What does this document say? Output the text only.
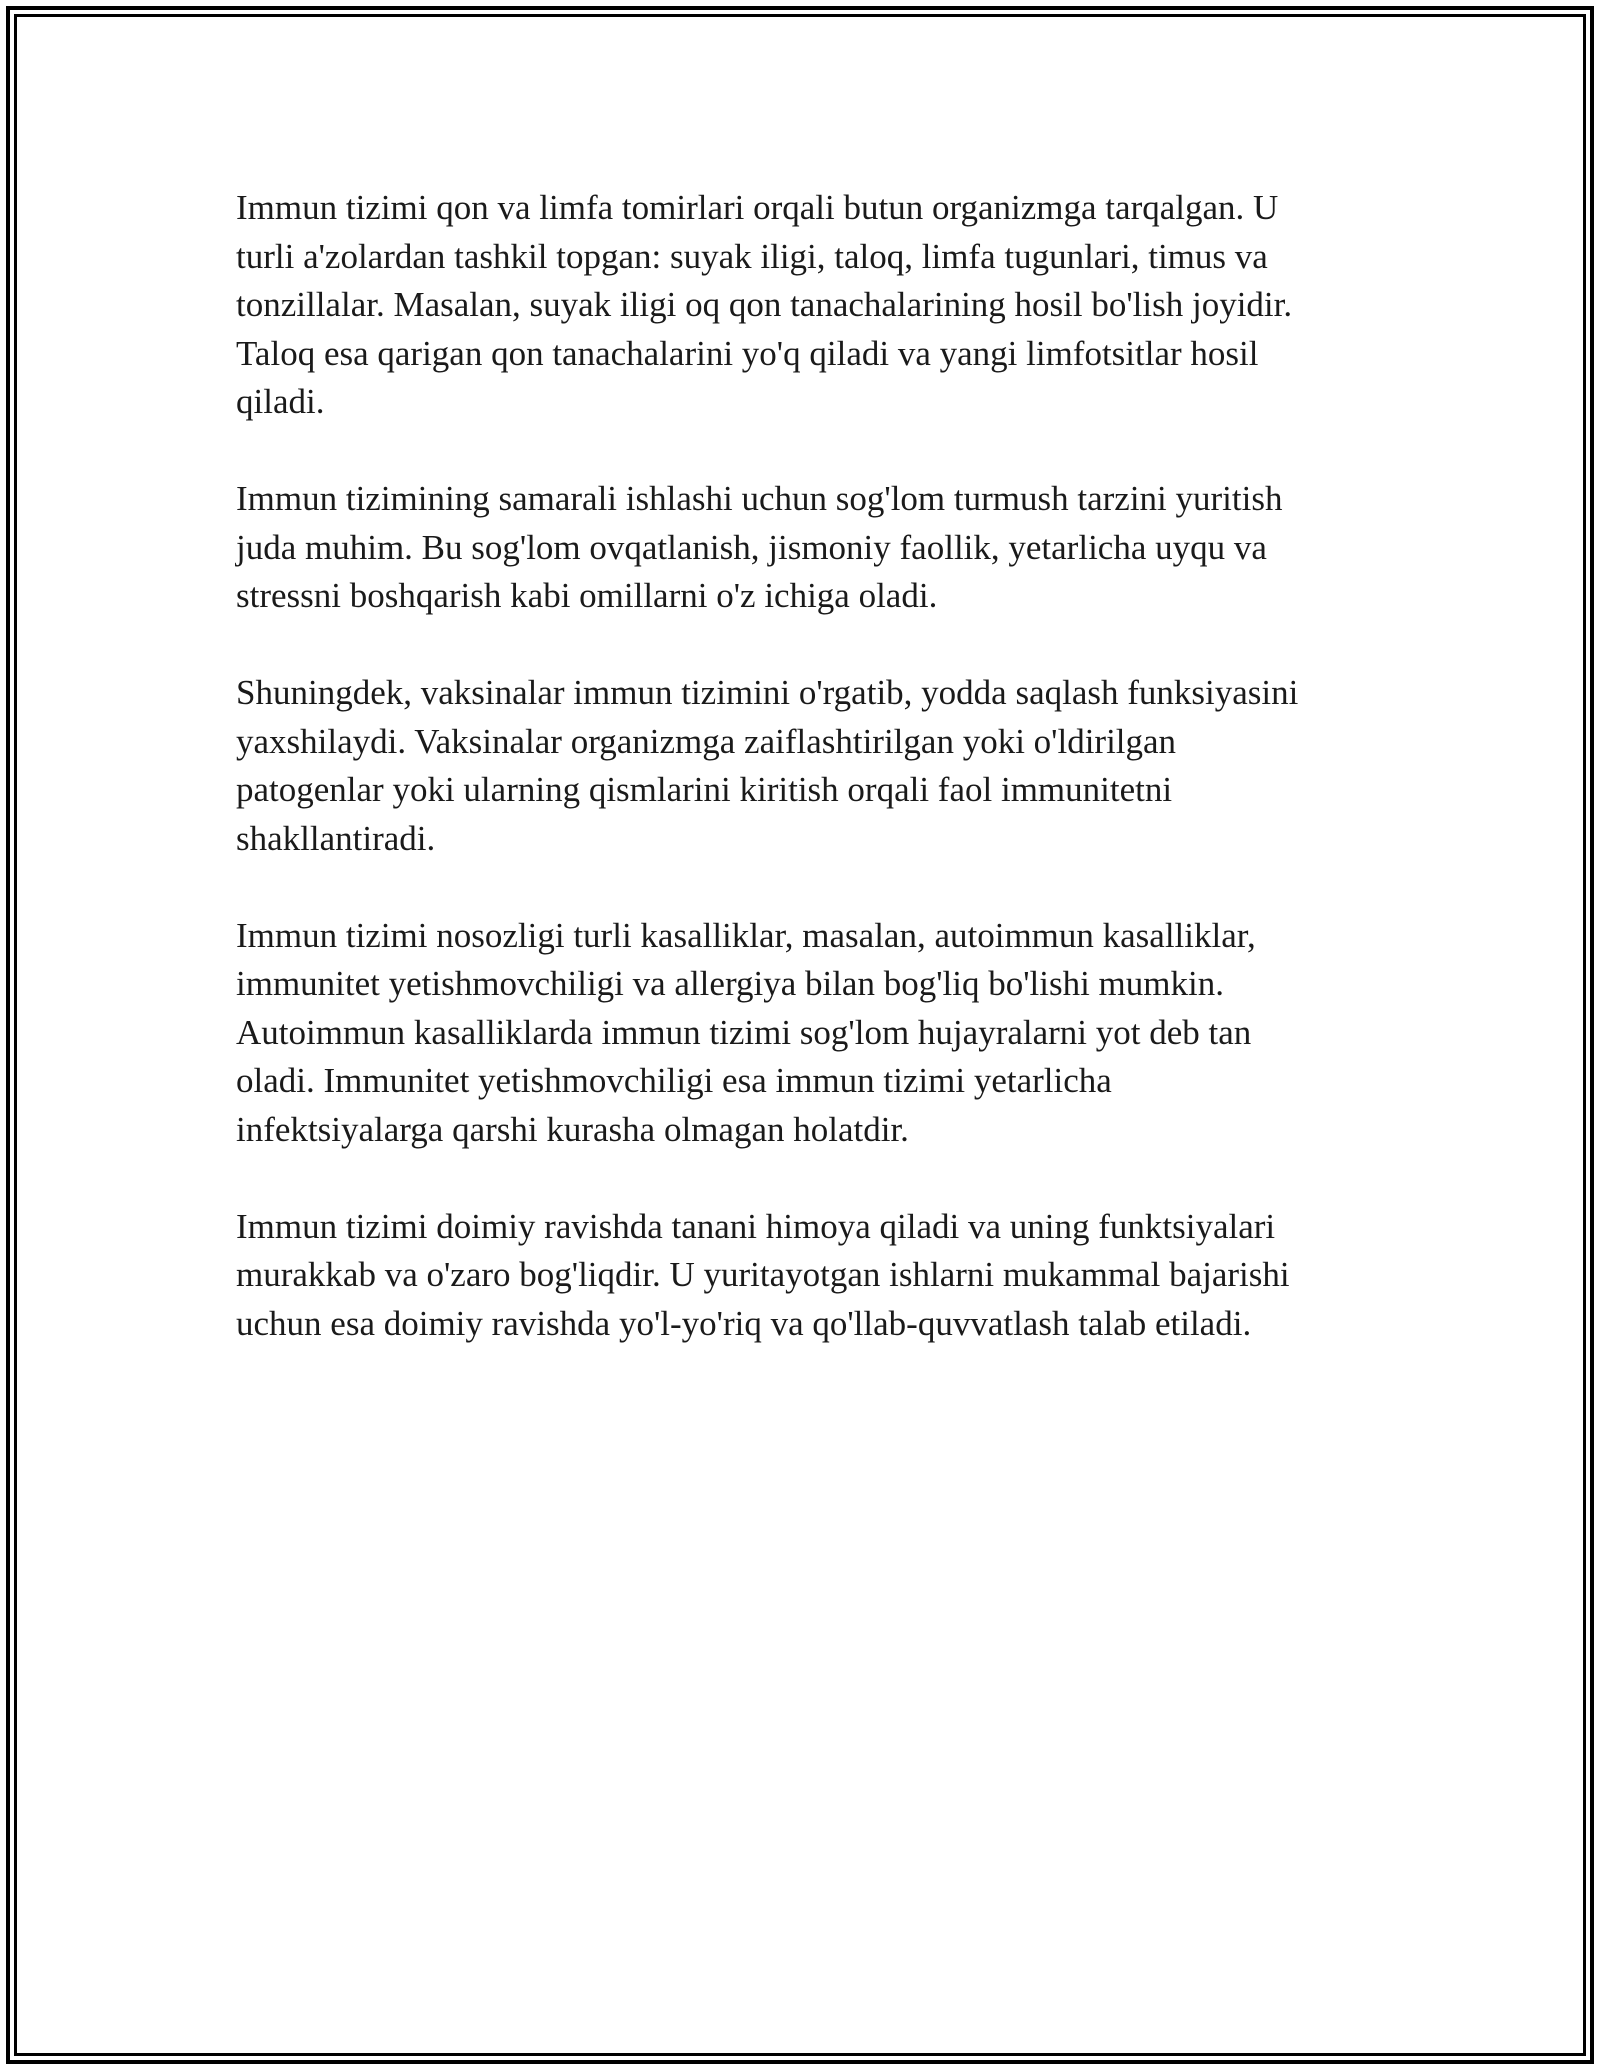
Immun tizimi qon va limfa tomirlari orqali butun organizmga tarqalgan. U
turli a'zolardan tashkil topgan: suyak iligi, taloq, limfa tugunlari, timus va
tonzillalar. Masalan, suyak iligi oq qon tanachalarining hosil bo'lish joyidir.
Taloq esa qarigan qon tanachalarini yo'q qiladi va yangi limfotsitlar hosil
qiladi.

Immun tizimining samarali ishlashi uchun sog'lom turmush tarzini yuritish
juda muhim. Bu sog'lom ovqatlanish, jismoniy faollik, yetarlicha uyqu va
stressni boshqarish kabi omillarni o'z ichiga oladi.

Shuningdek, vaksinalar immun tizimini o'rgatib, yodda saqlash funksiyasini
yaxshilaydi. Vaksinalar organizmga zaiflashtirilgan yoki o'ldirilgan
patogenlar yoki ularning qismlarini kiritish orqali faol immunitetni
shakllantiradi.

Immun tizimi nosozligi turli kasalliklar, masalan, autoimmun kasalliklar,
immunitet yetishmovchiligi va allergiya bilan bog'liq bo'lishi mumkin.
Autoimmun kasalliklarda immun tizimi sog'lom hujayralarni yot deb tan
oladi. Immunitet yetishmovchiligi esa immun tizimi yetarlicha
infektsiyalarga qarshi kurasha olmagan holatdir.

Immun tizimi doimiy ravishda tanani himoya qiladi va uning funktsiyalari
murakkab va o'zaro bog'liqdir. U yuritayotgan ishlarni mukammal bajarishi
uchun esa doimiy ravishda yo'l-yo'riq va qo'llab-quvvatlash talab etiladi.
